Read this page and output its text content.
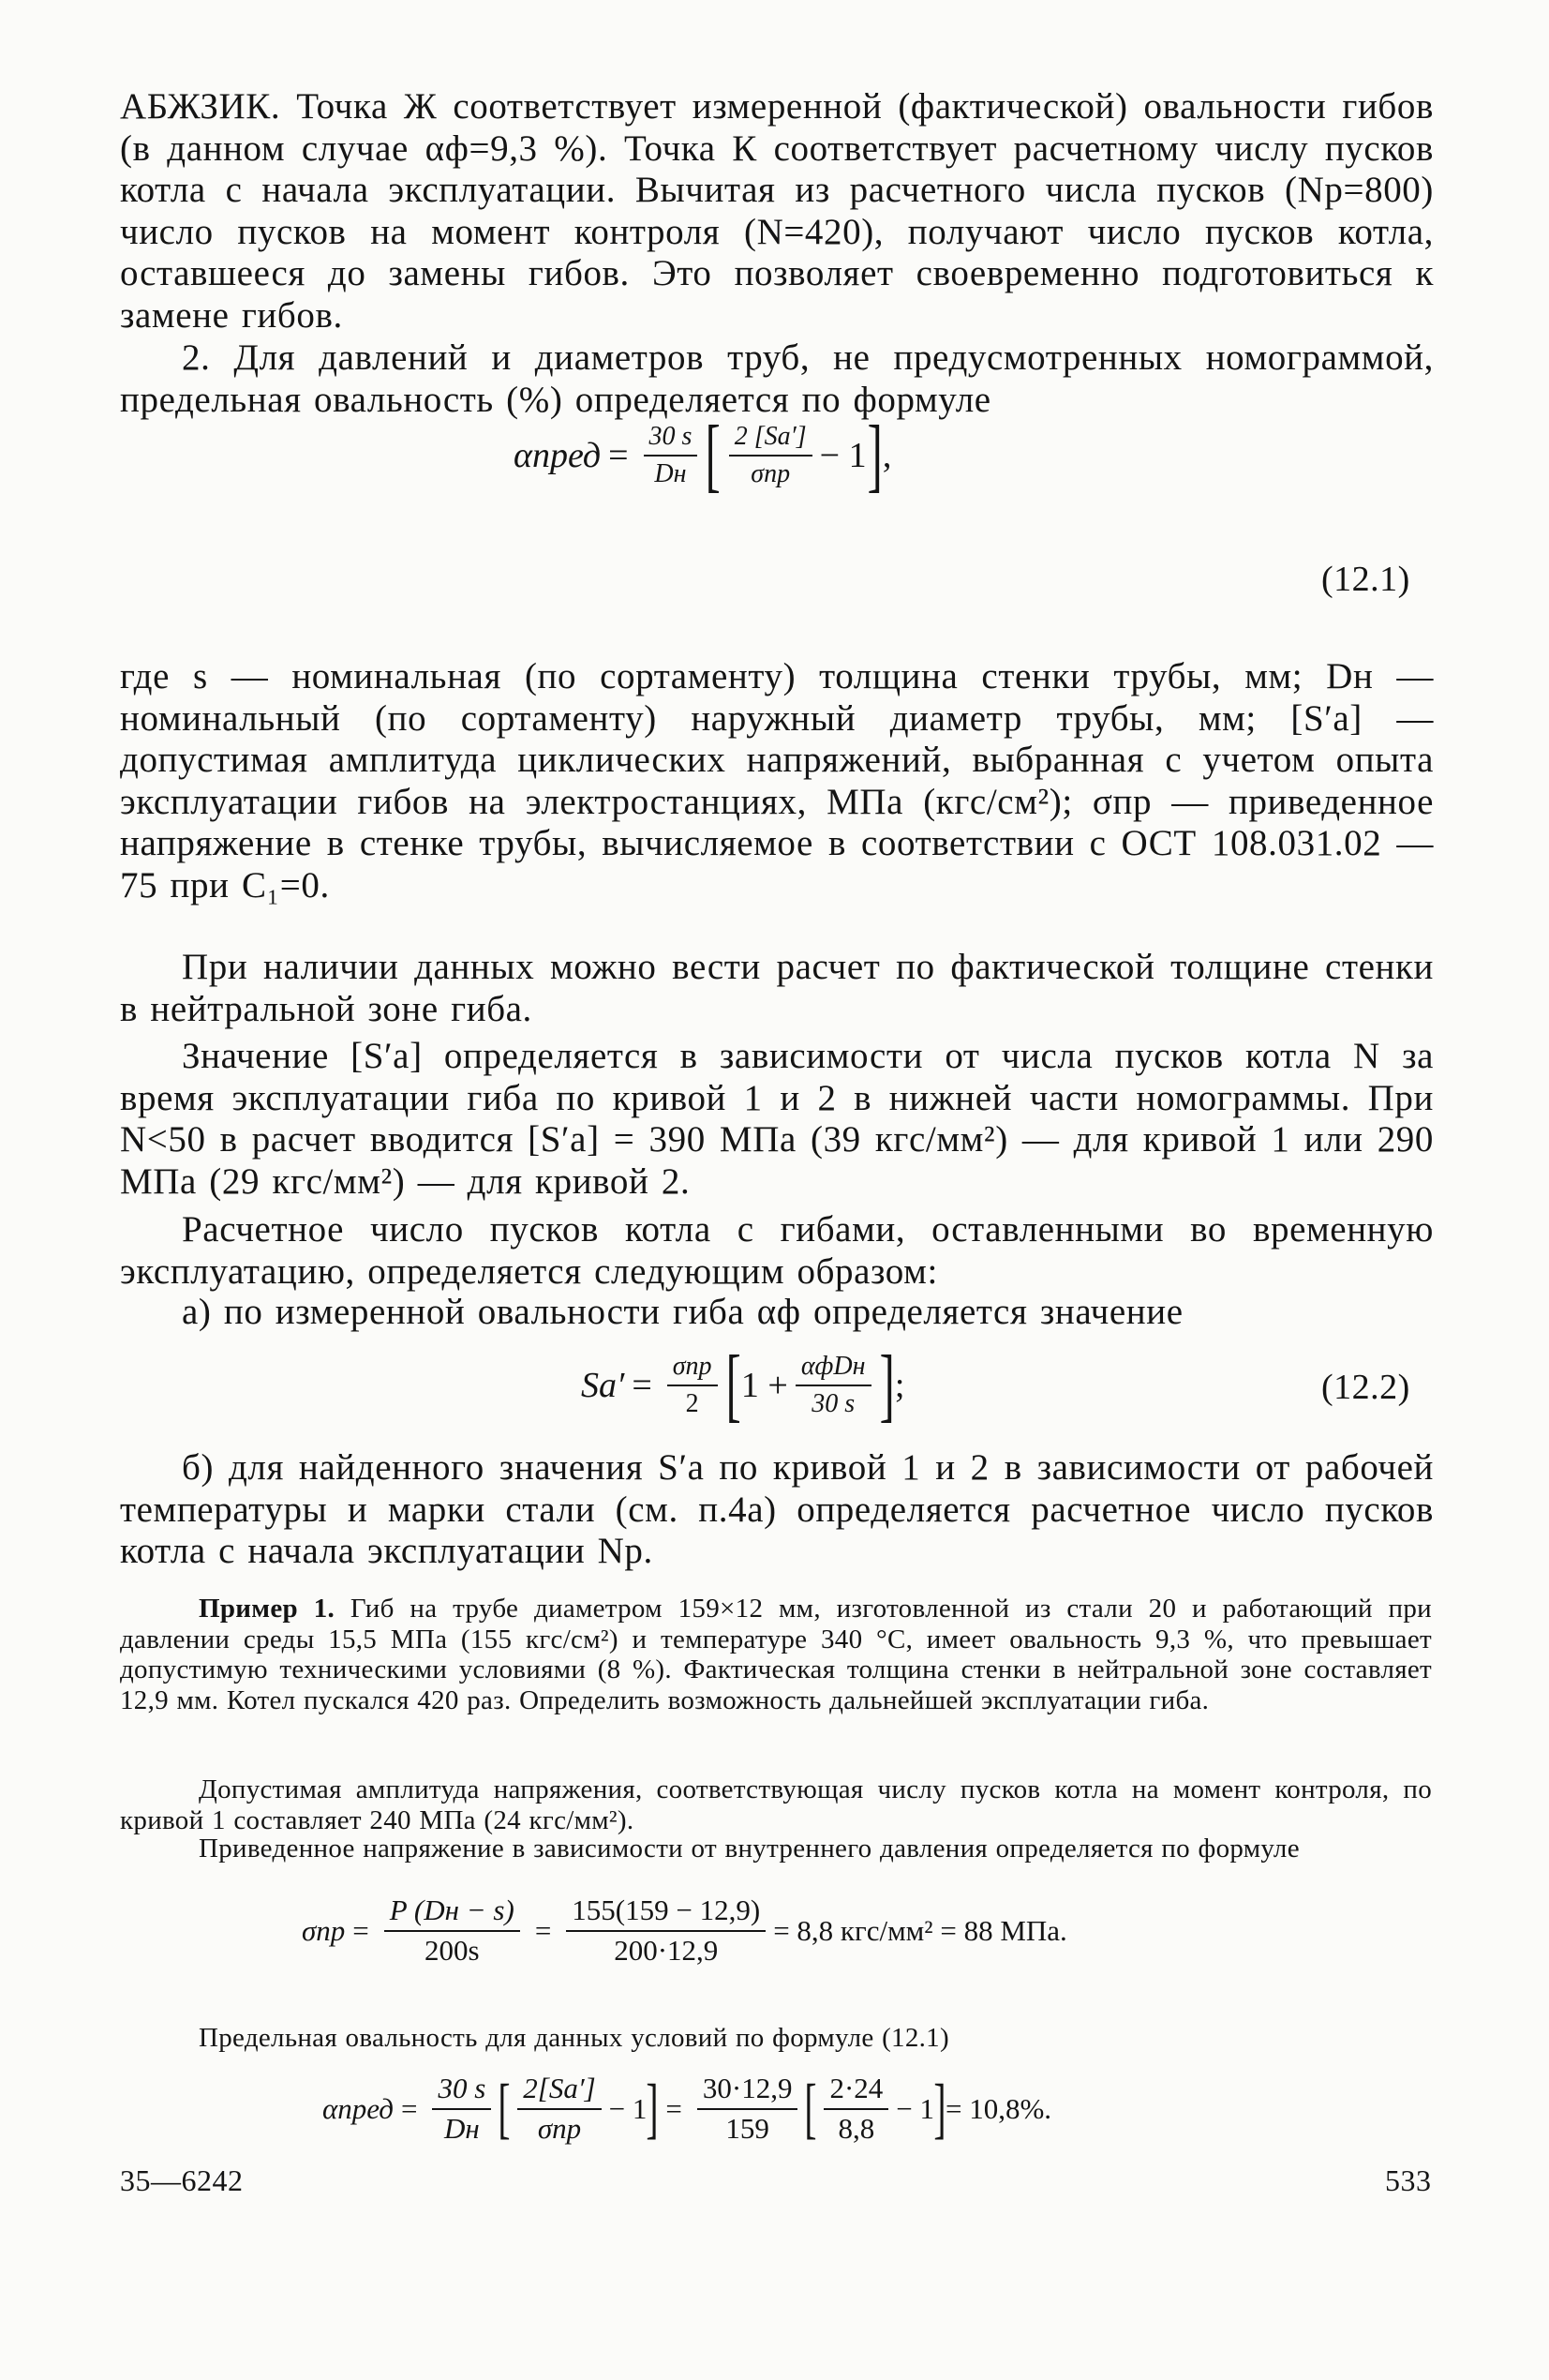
АБЖЗИК. Точка Ж соответствует измеренной (фактической) овальности гибов (в данном случае αф=9,3 %). Точка К соответствует расчетному числу пусков котла с начала эксплуатации. Вычитая из расчетного числа пусков (Nр=800) число пусков на момент контроля (N=420), получают число пусков котла, оставшееся до замены гибов. Это позволяет своевременно подготовиться к замене гибов.
2. Для давлений и диаметров труб, не предусмотренных номограммой, предельная овальность (%) определяется по формуле
αпред = $\frac{30 s}{Dн}$ [ $\frac{2 [Sa']}{\text{σпр}} - 1$ ] ,
(12.1)
где s — номинальная (по сортаменту) толщина стенки трубы, мм; Dн — номинальный (по сортаменту) наружный диаметр трубы, мм; [S′a] — допустимая амплитуда циклических напряжений, выбранная с учетом опыта эксплуатации гибов на электростанциях, МПа (кгс/см²); σпр — приведенное напряжение в стенке трубы, вычисляемое в соответствии с ОСТ 108.031.02 — 75 при C₁=0.
При наличии данных можно вести расчет по фактической толщине стенки в нейтральной зоне гиба.
Значение [S′a] определяется в зависимости от числа пусков котла N за время эксплуатации гиба по кривой 1 и 2 в нижней части номограммы. При N<50 в расчет вводится [S′a] = 390 МПа (39 кгс/мм²) — для кривой 1 или 290 МПа (29 кгс/мм²) — для кривой 2.
Расчетное число пусков котла с гибами, оставленными во временную эксплуатацию, определяется следующим образом:
а) по измеренной овальности гиба αф определяется значение
$Sa' = \frac{\text{σпр}}{2}$ [ $1 + \frac{\text{αфDн}}{30 s}$ ] ;	(12.2)
б) для найденного значения S′a по кривой 1 и 2 в зависимости от рабочей температуры и марки стали (см. п.4а) определяется расчетное число пусков котла с начала эксплуатации Nр.
Пример 1. Гиб на трубе диаметром 159×12 мм, изготовленной из стали 20 и работающий при давлении среды 15,5 МПа (155 кгс/см²) и температуре 340 °С, имеет овальность 9,3 %, что превышает допустимую техническими условиями (8 %). Фактическая толщина стенки в нейтральной зоне составляет 12,9 мм. Котел пускался 420 раз. Определить возможность дальнейшей эксплуатации гиба.
Допустимая амплитуда напряжения, соответствующая числу пусков котла на момент контроля, по кривой 1 составляет 240 МПа (24 кгс/мм²).
Приведенное напряжение в зависимости от внутреннего давления определяется по формуле
$\sigma пр = \frac{P (Dн - s)}{200s} = \frac{155(159 - 12,9)}{200\cdot 12,9} = 8,8$ кгс/мм² = 88 МПа.
Предельная овальность для данных условий по формуле (12.1)
αпред = $\frac{30 s}{Dн}$ [ $\frac{2[Sa']}{\text{σпр}} - 1$ ] = $\frac{30\cdot 12,9}{159}$ [ $\frac{2\cdot 24}{8,8} - 1$ ] = 10,8%.
35—6242	533
